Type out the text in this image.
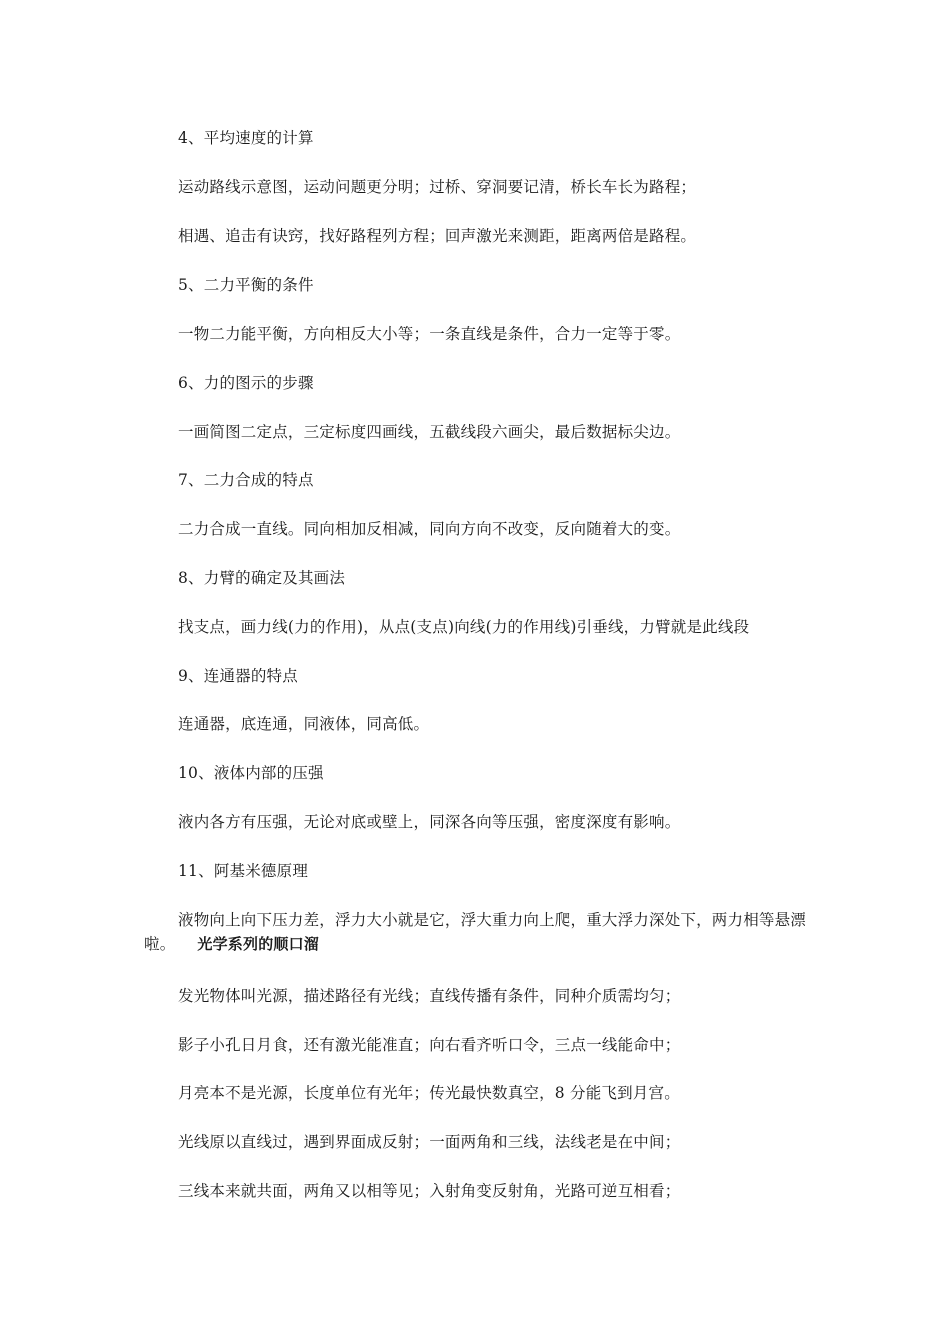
4、平均速度的计算
运动路线示意图，运动问题更分明；过桥、穿洞要记清，桥长车长为路程；
相遇、追击有诀窍，找好路程列方程；回声激光来测距，距离两倍是路程。
5、二力平衡的条件
一物二力能平衡，方向相反大小等；一条直线是条件，合力一定等于零。
6、力的图示的步骤
一画简图二定点，三定标度四画线，五截线段六画尖，最后数据标尖边。
7、二力合成的特点
二力合成一直线。同向相加反相减，同向方向不改变，反向随着大的变。
8、力臂的确定及其画法
找支点，画力线(力的作用)，从点(支点)向线(力的作用线)引垂线，力臂就是此线段
9、连通器的特点
连通器，底连通，同液体，同高低。
10、液体内部的压强
液内各方有压强，无论对底或壁上，同深各向等压强，密度深度有影响。
11、阿基米德原理
液物向上向下压力差，浮力大小就是它，浮大重力向上爬，重大浮力深处下，两力相等悬漂啦。 光学系列的顺口溜
发光物体叫光源，描述路径有光线；直线传播有条件，同种介质需均匀；
影子小孔日月食，还有激光能准直；向右看齐听口令，三点一线能命中；
月亮本不是光源，长度单位有光年；传光最快数真空，8 分能飞到月宫。
光线原以直线过，遇到界面成反射；一面两角和三线，法线老是在中间；
三线本来就共面，两角又以相等见；入射角变反射角，光路可逆互相看；
